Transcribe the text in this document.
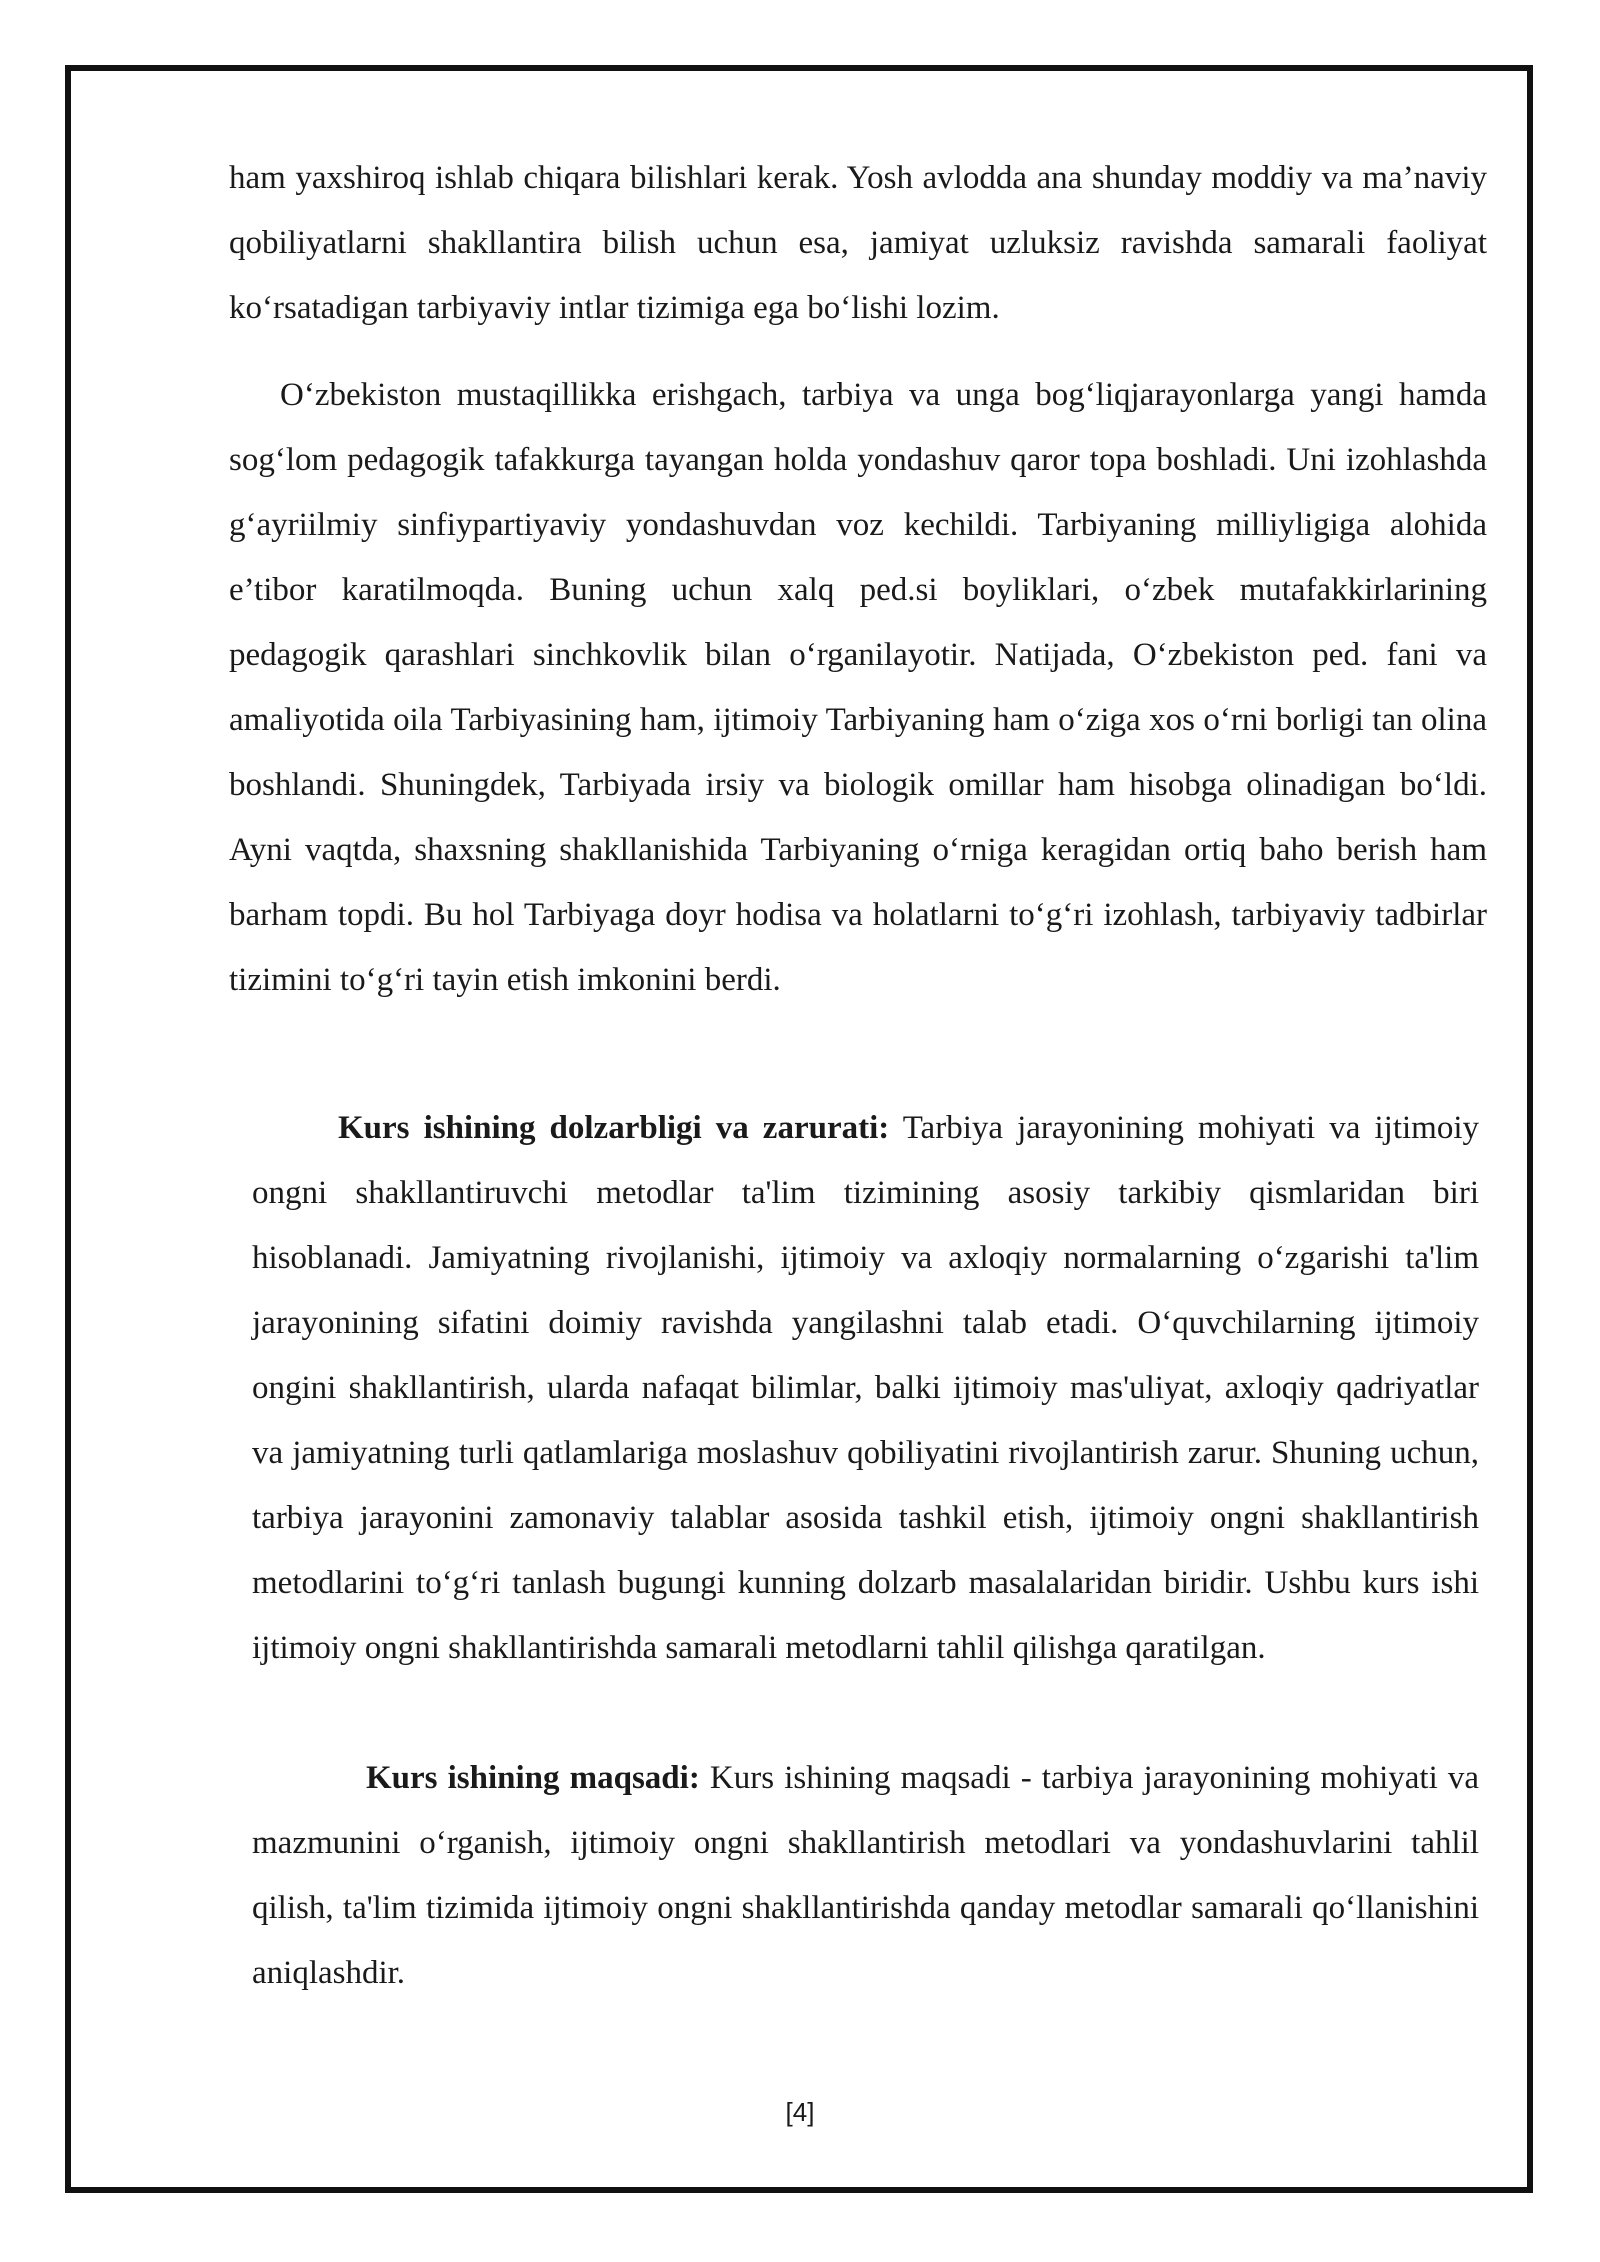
ham yaxshiroq ishlab chiqara bilishlari kerak. Yosh avlodda ana shunday moddiy va ma’naviy qobiliyatlarni shakllantira bilish uchun esa, jamiyat uzluksiz ravishda samarali faoliyat ko‘rsatadigan tarbiyaviy intlar tizimiga ega bo‘lishi lozim.

O‘zbekiston mustaqillikka erishgach, tarbiya va unga bog‘liqjarayonlarga yangi hamda sog‘lom pedagogik tafakkurga tayangan holda yondashuv qaror topa boshladi. Uni izohlashda g‘ayriilmiy sinfiypartiyaviy yondashuvdan voz kechildi. Tarbiyaning milliyligiga alohida e’tibor karatilmoqda. Buning uchun xalq ped.si boyliklari, o‘zbek mutafakkirlarining pedagogik qarashlari sinchkovlik bilan o‘rganilayotir. Natijada, O‘zbekiston ped. fani va amaliyotida oila Tarbiyasining ham, ijtimoiy Tarbiyaning ham o‘ziga xos o‘rni borligi tan olina boshlandi. Shuningdek, Tarbiyada irsiy va biologik omillar ham hisobga olinadigan bo‘ldi. Ayni vaqtda, shaxsning shakllanishida Tarbiyaning o‘rniga keragidan ortiq baho berish ham barham topdi. Bu hol Tarbiyaga doyr hodisa va holatlarni to‘g‘ri izohlash, tarbiyaviy tadbirlar tizimini to‘g‘ri tayin etish imkonini berdi.

Kurs ishining dolzarbligi va zarurati: Tarbiya jarayonining mohiyati va ijtimoiy ongni shakllantiruvchi metodlar ta'lim tizimining asosiy tarkibiy qismlaridan biri hisoblanadi. Jamiyatning rivojlanishi, ijtimoiy va axloqiy normalarning o‘zgarishi ta'lim jarayonining sifatini doimiy ravishda yangilashni talab etadi. O‘quvchilarning ijtimoiy ongini shakllantirish, ularda nafaqat bilimlar, balki ijtimoiy mas'uliyat, axloqiy qadriyatlar va jamiyatning turli qatlamlariga moslashuv qobiliyatini rivojlantirish zarur. Shuning uchun, tarbiya jarayonini zamonaviy talablar asosida tashkil etish, ijtimoiy ongni shakllantirish metodlarini to‘g‘ri tanlash bugungi kunning dolzarb masalalaridan biridir. Ushbu kurs ishi ijtimoiy ongni shakllantirishda samarali metodlarni tahlil qilishga qaratilgan.

Kurs ishining maqsadi: Kurs ishining maqsadi - tarbiya jarayonining mohiyati va mazmunini o‘rganish, ijtimoiy ongni shakllantirish metodlari va yondashuvlarini tahlil qilish, ta'lim tizimida ijtimoiy ongni shakllantirishda qanday metodlar samarali qo‘llanishini aniqlashdir.

[4]
